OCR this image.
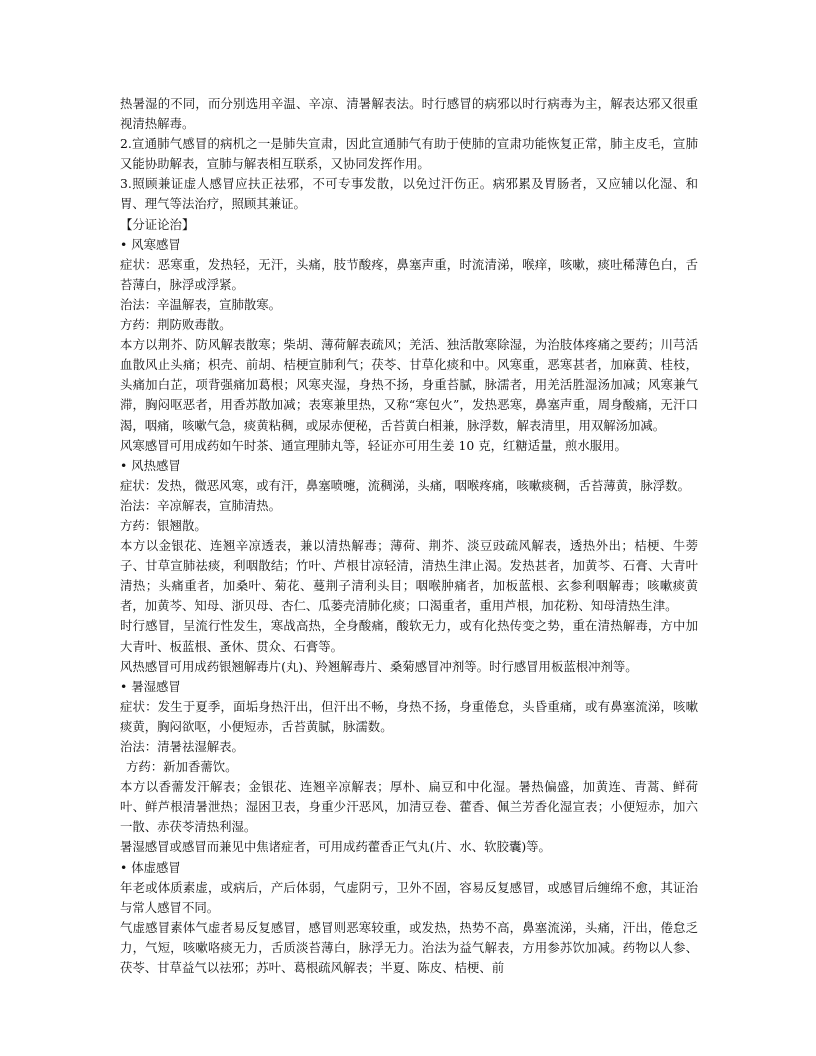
热暑湿的不同，而分别选用辛温、辛凉、清暑解表法。时行感冒的病邪以时行病毒为主，解表达邪又很重视清热解毒。

2.宣通肺气感冒的病机之一是肺失宣肃，因此宣通肺气有助于使肺的宣肃功能恢复正常，肺主皮毛，宣肺又能协助解表，宣肺与解表相互联系，又协同发挥作用。

3.照顾兼证虚人感冒应扶正祛邪，不可专事发散，以免过汗伤正。病邪累及胃肠者，又应辅以化湿、和胃、理气等法治疗，照顾其兼证。

【分证论治】

• 风寒感冒

症状：恶寒重，发热轻，无汗，头痛，肢节酸疼，鼻塞声重，时流清涕，喉痒，咳嗽，痰吐稀薄色白，舌苔薄白，脉浮或浮紧。

治法：辛温解表，宣肺散寒。

方药：荆防败毒散。

本方以荆芥、防风解表散寒；柴胡、薄荷解表疏风；羌活、独活散寒除湿，为治肢体疼痛之要药；川芎活血散风止头痛；枳壳、前胡、桔梗宣肺利气；茯苓、甘草化痰和中。风寒重，恶寒甚者，加麻黄、桂枝，头痛加白芷，项背强痛加葛根；风寒夹湿，身热不扬，身重苔腻，脉濡者，用羌活胜湿汤加减；风寒兼气滞，胸闷呕恶者，用香苏散加减；表寒兼里热，又称“寒包火”，发热恶寒，鼻塞声重，周身酸痛，无汗口渴，咽痛，咳嗽气急，痰黄粘稠，或尿赤便秘，舌苔黄白相兼，脉浮数，解表清里，用双解汤加减。

风寒感冒可用成药如午时茶、通宣理肺丸等，轻证亦可用生姜 10 克，红糖适量，煎水服用。

• 风热感冒

症状：发热，微恶风寒，或有汗，鼻塞喷嚏，流稠涕，头痛，咽喉疼痛，咳嗽痰稠，舌苔薄黄，脉浮数。

治法：辛凉解表，宣肺清热。

方药：银翘散。

本方以金银花、连翘辛凉透表，兼以清热解毒；薄荷、荆芥、淡豆豉疏风解表，透热外出；桔梗、牛蒡子、甘草宣肺祛痰，利咽散结；竹叶、芦根甘凉轻清，清热生津止渴。发热甚者，加黄芩、石膏、大青叶清热；头痛重者，加桑叶、菊花、蔓荆子清利头目；咽喉肿痛者，加板蓝根、玄参利咽解毒；咳嗽痰黄者，加黄芩、知母、浙贝母、杏仁、瓜蒌壳清肺化痰；口渴重者，重用芦根，加花粉、知母清热生津。

时行感冒，呈流行性发生，寒战高热，全身酸痛，酸软无力，或有化热传变之势，重在清热解毒，方中加大青叶、板蓝根、蚤休、贯众、石膏等。

风热感冒可用成药银翘解毒片(丸)、羚翘解毒片、桑菊感冒冲剂等。时行感冒用板蓝根冲剂等。

• 暑湿感冒

症状：发生于夏季，面垢身热汗出，但汗出不畅，身热不扬，身重倦怠，头昏重痛，或有鼻塞流涕，咳嗽痰黄，胸闷欲呕，小便短赤，舌苔黄腻，脉濡数。

治法：清暑祛湿解表。

方药：新加香薷饮。

本方以香薷发汗解表；金银花、连翘辛凉解表；厚朴、扁豆和中化湿。暑热偏盛，加黄连、青蒿、鲜荷叶、鲜芦根清暑泄热；湿困卫表，身重少汗恶风，加清豆卷、藿香、佩兰芳香化湿宣表；小便短赤，加六一散、赤茯苓清热利湿。

暑湿感冒或感冒而兼见中焦诸症者，可用成药藿香正气丸(片、水、软胶囊)等。

• 体虚感冒

年老或体质素虚，或病后，产后体弱，气虚阴亏，卫外不固，容易反复感冒，或感冒后缠绵不愈，其证治与常人感冒不同。

气虚感冒素体气虚者易反复感冒，感冒则恶寒较重，或发热，热势不高，鼻塞流涕，头痛，汗出，倦怠乏力，气短，咳嗽咯痰无力，舌质淡苔薄白，脉浮无力。治法为益气解表，方用参苏饮加减。药物以人参、茯苓、甘草益气以祛邪；苏叶、葛根疏风解表；半夏、陈皮、桔梗、前
